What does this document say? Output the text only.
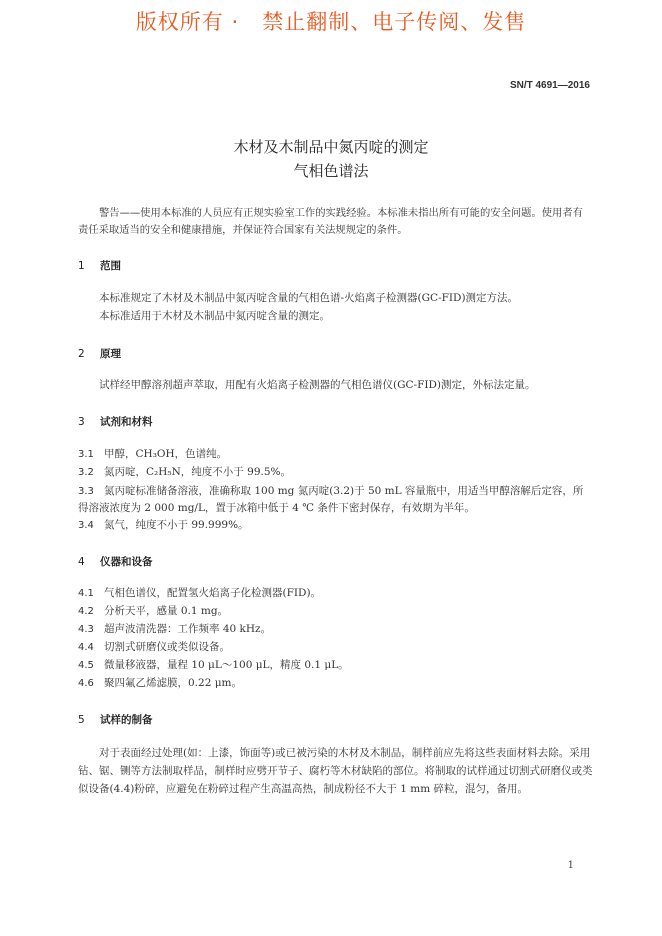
版权所有 ·   禁止翻制、电子传阅、发售
SN/T 4691—2016
木材及木制品中氮丙啶的测定
气相色谱法
警告——使用本标准的人员应有正规实验室工作的实践经验。本标准未指出所有可能的安全问题。使用者有责任采取适当的安全和健康措施，并保证符合国家有关法规规定的条件。
1 范围
本标准规定了木材及木制品中氮丙啶含量的气相色谱-火焰离子检测器(GC-FID)测定方法。
本标准适用于木材及木制品中氮丙啶含量的测定。
2 原理
试样经甲醇溶剂超声萃取，用配有火焰离子检测器的气相色谱仪(GC-FID)测定，外标法定量。
3 试剂和材料
3.1 甲醇，CH₃OH，色谱纯。
3.2 氮丙啶，C₂H₅N，纯度不小于 99.5%。
3.3 氮丙啶标准储备溶液，准确称取 100 mg 氮丙啶(3.2)于 50 mL 容量瓶中，用适当甲醇溶解后定容，所得溶液浓度为 2 000 mg/L，置于冰箱中低于 4 ℃ 条件下密封保存，有效期为半年。
3.4 氮气，纯度不小于 99.999%。
4 仪器和设备
4.1 气相色谱仪，配置氢火焰离子化检测器(FID)。
4.2 分析天平，感量 0.1 mg。
4.3 超声波清洗器：工作频率 40 kHz。
4.4 切割式研磨仪或类似设备。
4.5 微量移液器，量程 10 μL～100 μL，精度 0.1 μL。
4.6 聚四氟乙烯滤膜，0.22 μm。
5 试样的制备
对于表面经过处理(如：上漆，饰面等)或已被污染的木材及木制品，制样前应先将这些表面材料去除。采用钻、锯、铡等方法制取样品，制样时应劈开节子、腐朽等木材缺陷的部位。将制取的试样通过切割式研磨仪或类似设备(4.4)粉碎，应避免在粉碎过程产生高温高热，制成粉径不大于 1 mm 碎粒，混匀，备用。
1
